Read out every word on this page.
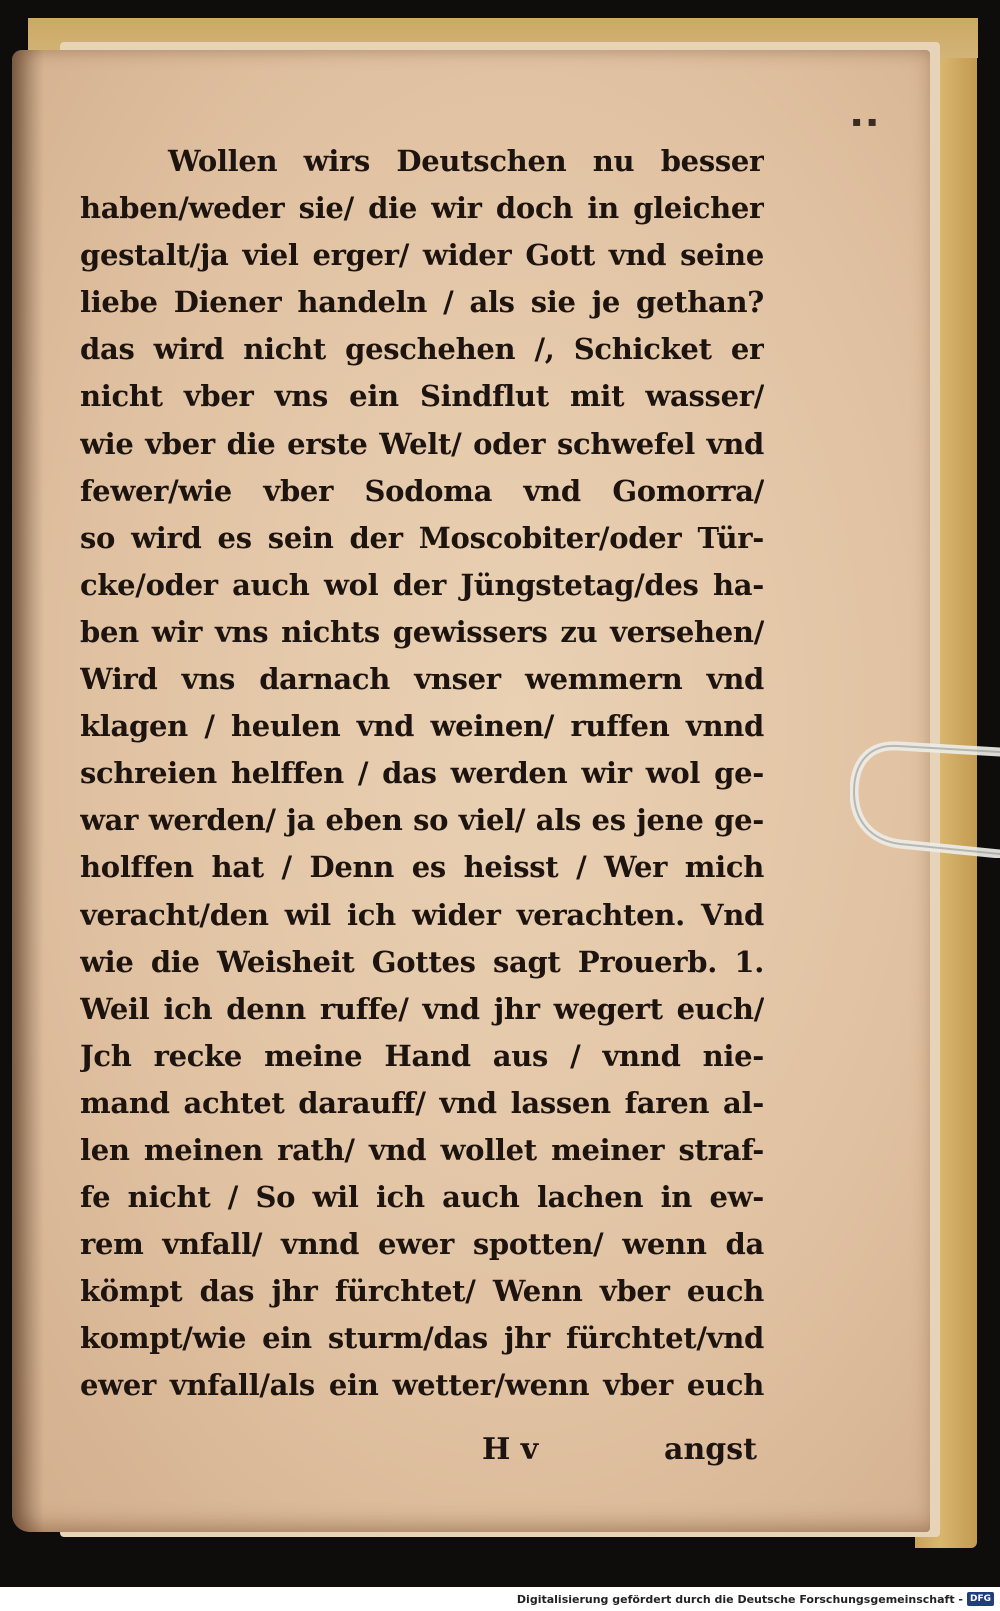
▪▪
Wollen wirs Deutschen nu besser
haben/weder sie/ die wir doch in gleicher
gestalt/ja viel erger/ wider Gott vnd seine
liebe Diener handeln / als sie je gethan?
das wird nicht geschehen /, Schicket er
nicht vber vns ein Sindflut mit wasser/
wie vber die erste Welt/ oder schwefel vnd
fewer/wie vber Sodoma vnd Gomorra/
so wird es sein der Moscobiter/oder Tür-
cke/oder auch wol der Jüngstetag/des ha-
ben wir vns nichts gewissers zu versehen/
Wird vns darnach vnser wemmern vnd
klagen / heulen vnd weinen/ ruffen vnnd
schreien helffen / das werden wir wol ge-
war werden/ ja eben so viel/ als es jene ge-
holffen hat / Denn es heisst / Wer mich
veracht/den wil ich wider verachten. Vnd
wie die Weisheit Gottes sagt Prouerb. 1.
Weil ich denn ruffe/ vnd jhr wegert euch/
Jch recke meine Hand aus / vnnd nie-
mand achtet darauff/ vnd lassen faren al-
len meinen rath/ vnd wollet meiner straf-
fe nicht / So wil ich auch lachen in ew-
rem vnfall/ vnnd ewer spotten/ wenn da
kömpt das jhr fürchtet/ Wenn vber euch
kompt/wie ein sturm/das jhr fürchtet/vnd
ewer vnfall/als ein wetter/wenn vber euch
H v	angst
Digitalisierung gefördert durch die Deutsche Forschungsgemeinschaft - DFG
